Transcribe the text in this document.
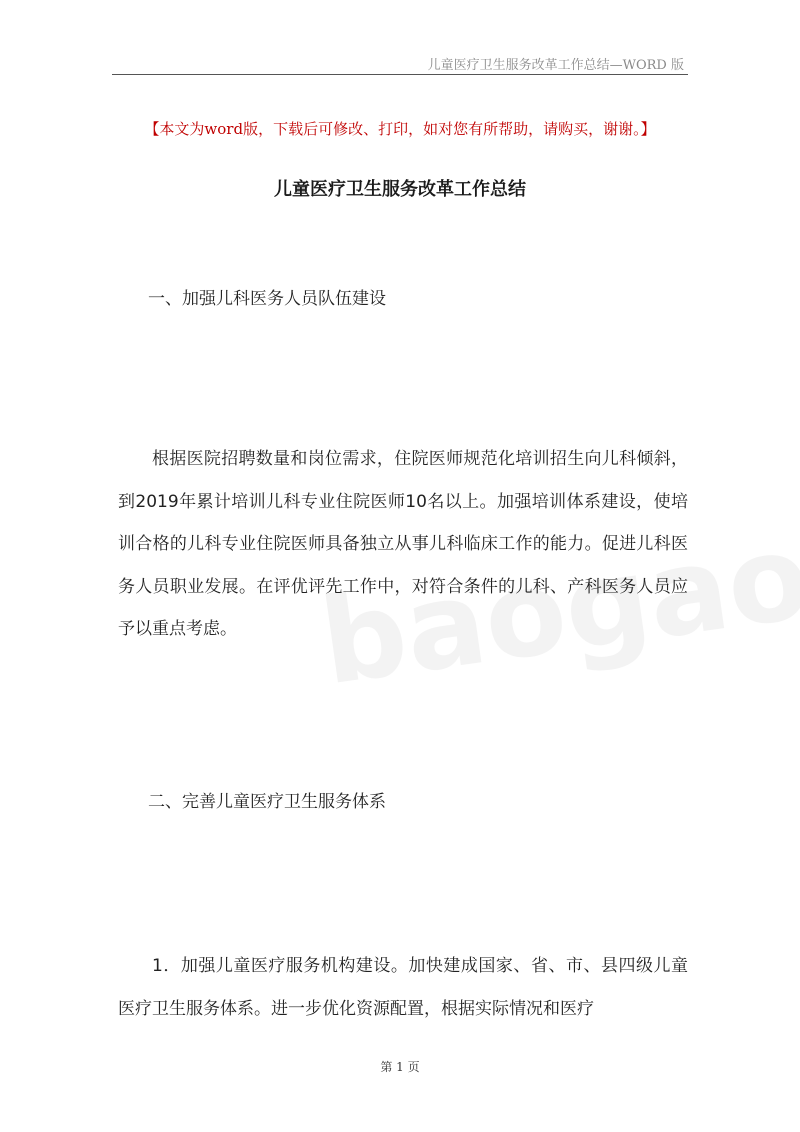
儿童医疗卫生服务改革工作总结—WORD 版
【本文为word版，下载后可修改、打印，如对您有所帮助，请购买，谢谢。】
儿童医疗卫生服务改革工作总结
一、加强儿科医务人员队伍建设

根据医院招聘数量和岗位需求，住院医师规范化培训招生向儿科倾斜，到2019年累计培训儿科专业住院医师10名以上。加强培训体系建设，使培训合格的儿科专业住院医师具备独立从事儿科临床工作的能力。促进儿科医务人员职业发展。在评优评先工作中，对符合条件的儿科、产科医务人员应予以重点考虑。

二、完善儿童医疗卫生服务体系

1．加强儿童医疗服务机构建设。加快建成国家、省、市、县四级儿童医疗卫生服务体系。进一步优化资源配置，根据实际情况和医疗

第 1 页
